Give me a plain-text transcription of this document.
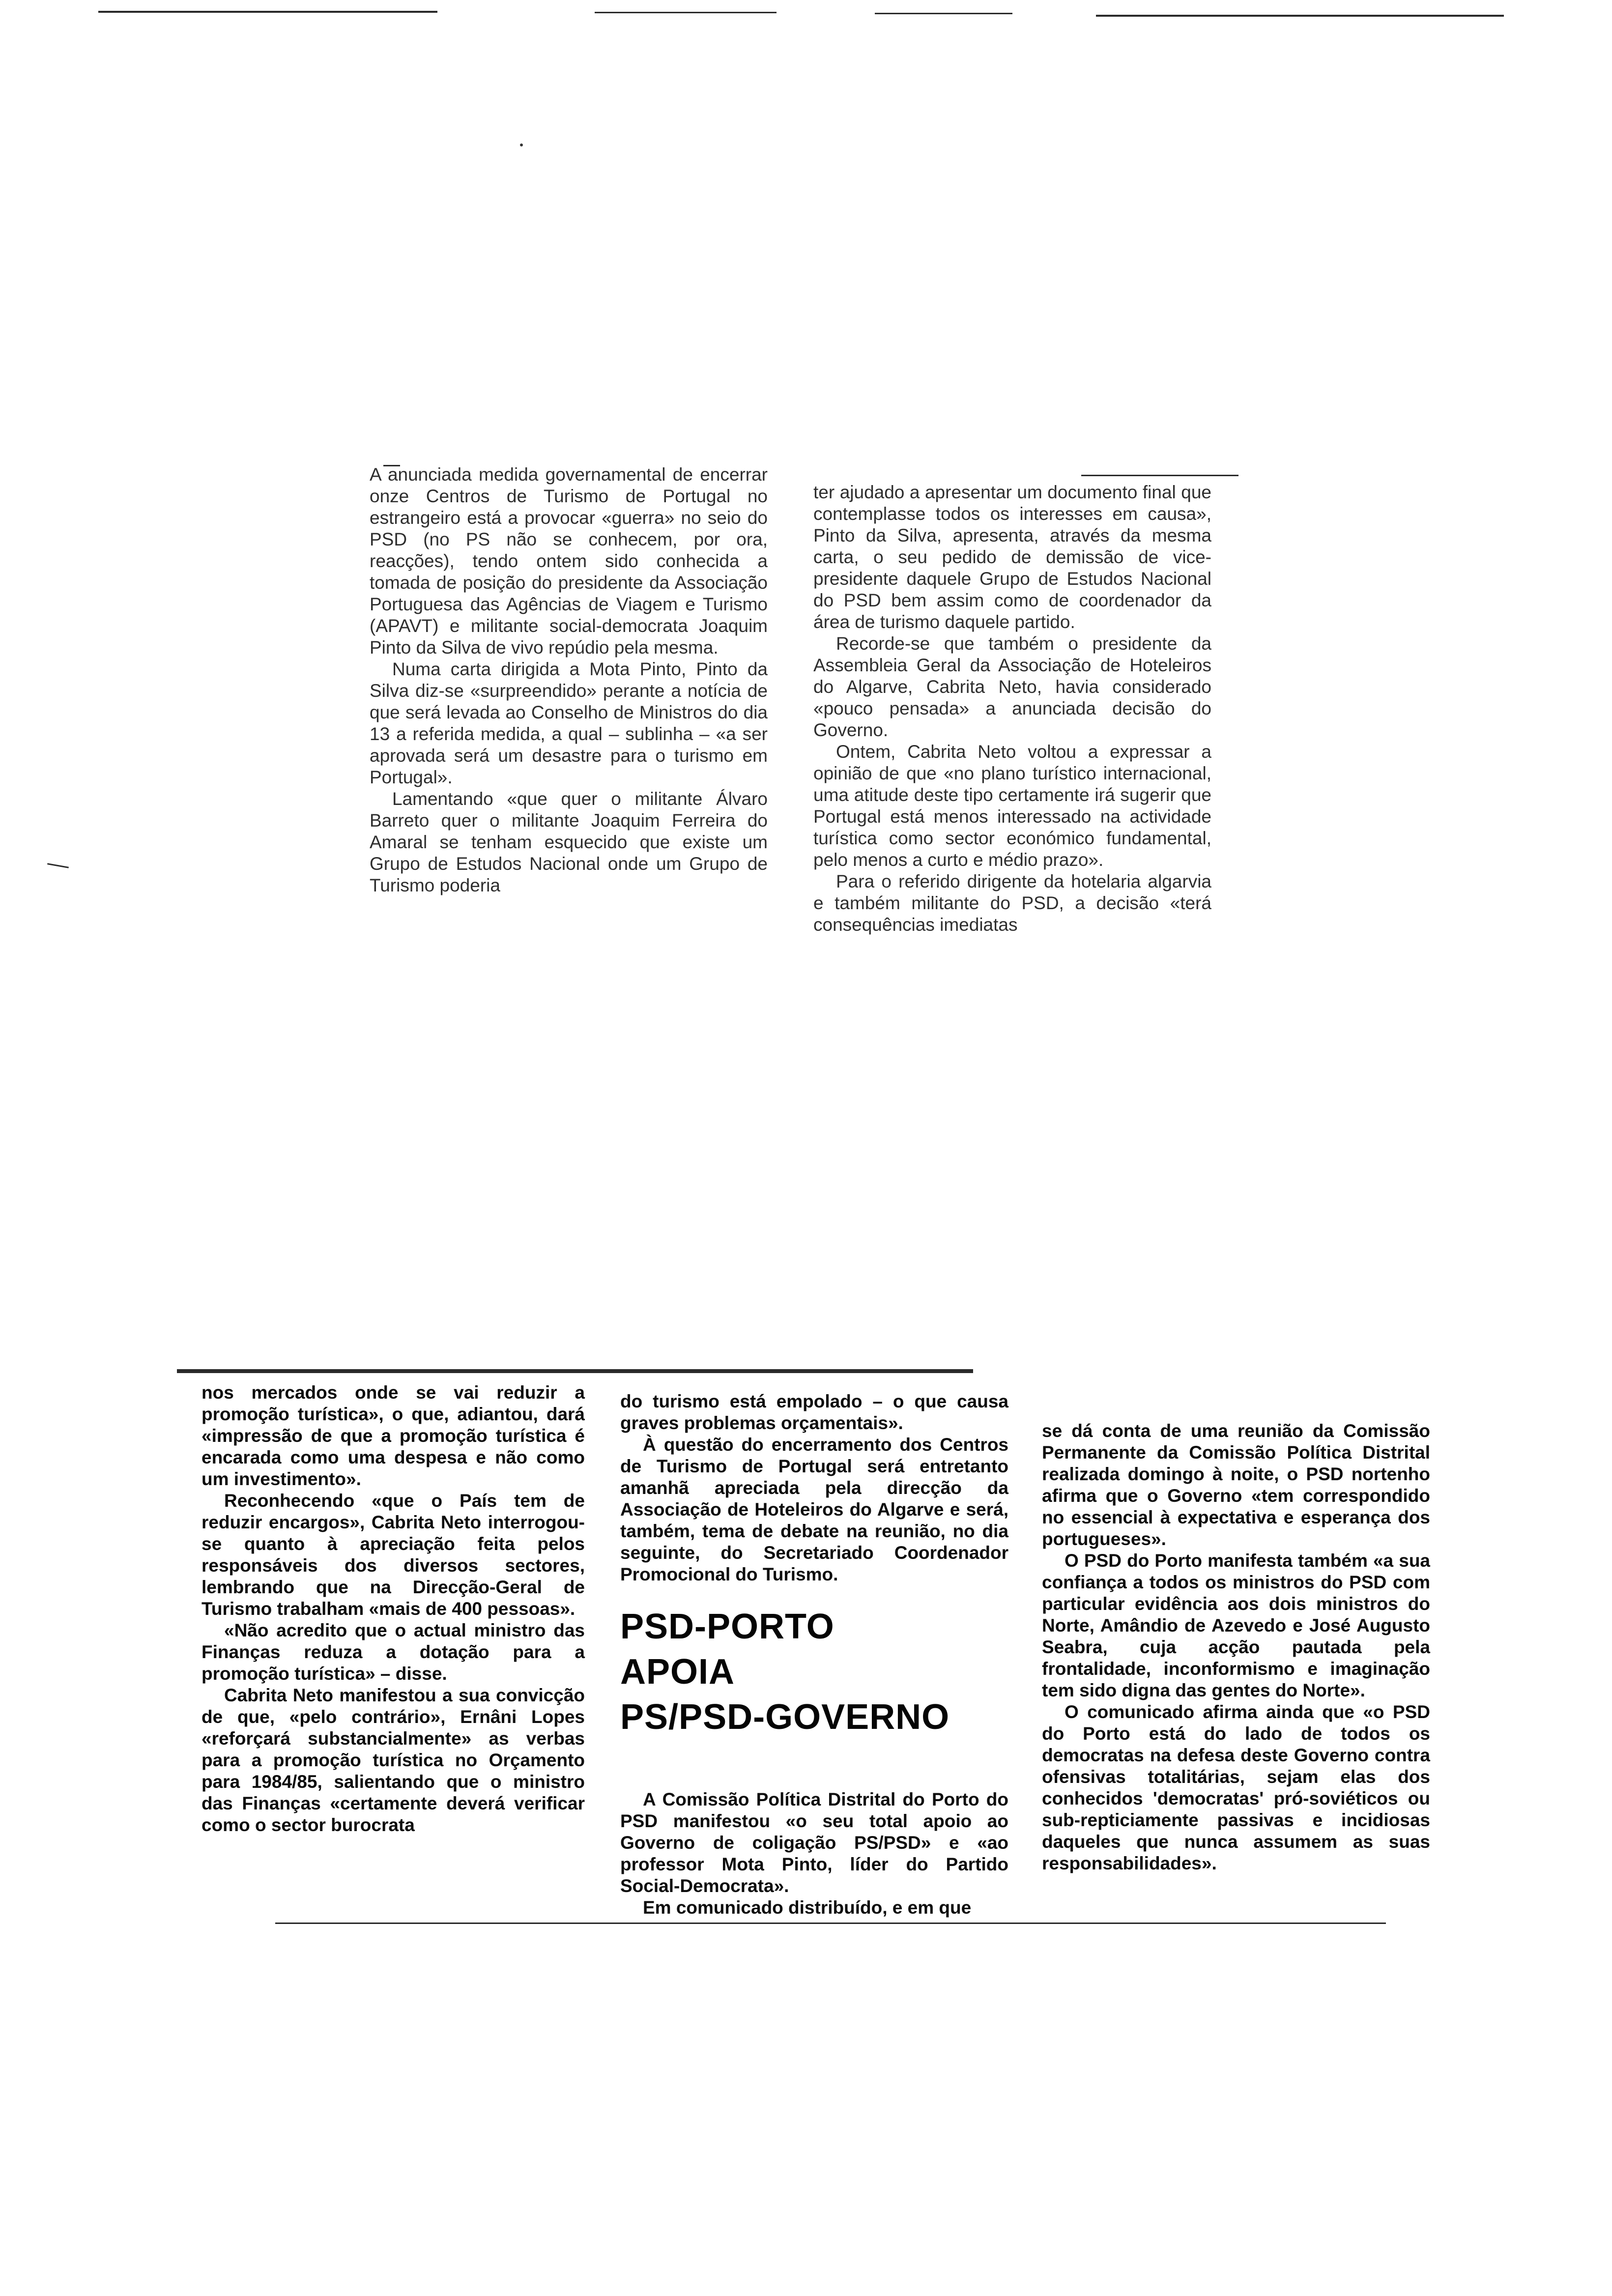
A anunciada medida governamental de encerrar onze Centros de Turismo de Portugal no estrangeiro está a provocar «guerra» no seio do PSD (no PS não se conhecem, por ora, reacções), tendo ontem sido conhecida a tomada de posição do presidente da Associação Portuguesa das Agências de Viagem e Turismo (APAVT) e militante social-democrata Joaquim Pinto da Silva de vivo repúdio pela mesma.

Numa carta dirigida a Mota Pinto, Pinto da Silva diz-se «surpreendido» perante a notícia de que será levada ao Conselho de Ministros do dia 13 a referida medida, a qual – sublinha – «a ser aprovada será um desastre para o turismo em Portugal».

Lamentando «que quer o militante Álvaro Barreto quer o militante Joaquim Ferreira do Amaral se tenham esquecido que existe um Grupo de Estudos Nacional onde um Grupo de Turismo poderia

ter ajudado a apresentar um documento final que contemplasse todos os interesses em causa», Pinto da Silva, apresenta, através da mesma carta, o seu pedido de demissão de vice-presidente daquele Grupo de Estudos Nacional do PSD bem assim como de coordenador da área de turismo daquele partido.

Recorde-se que também o presidente da Assembleia Geral da Associação de Hoteleiros do Algarve, Cabrita Neto, havia considerado «pouco pensada» a anunciada decisão do Governo.

Ontem, Cabrita Neto voltou a expressar a opinião de que «no plano turístico internacional, uma atitude deste tipo certamente irá sugerir que Portugal está menos interessado na actividade turística como sector económico fundamental, pelo menos a curto e médio prazo».

Para o referido dirigente da hotelaria algarvia e também militante do PSD, a decisão «terá consequências imediatas

nos mercados onde se vai reduzir a promoção turística», o que, adiantou, dará «impressão de que a promoção turística é encarada como uma despesa e não como um investimento».

Reconhecendo «que o País tem de reduzir encargos», Cabrita Neto interrogou-se quanto à apreciação feita pelos responsáveis dos diversos sectores, lembrando que na Direcção-Geral de Turismo trabalham «mais de 400 pessoas».

«Não acredito que o actual ministro das Finanças reduza a dotação para a promoção turística» – disse.

Cabrita Neto manifestou a sua convicção de que, «pelo contrário», Ernâni Lopes «reforçará substancialmente» as verbas para a promoção turística no Orçamento para 1984/85, salientando que o ministro das Finanças «certamente deverá verificar como o sector burocrata

do turismo está empolado – o que causa graves problemas orçamentais».

À questão do encerramento dos Centros de Turismo de Portugal será entretanto amanhã apreciada pela direcção da Associação de Hoteleiros do Algarve e será, também, tema de debate na reunião, no dia seguinte, do Secretariado Coordenador Promocional do Turismo.

PSD-PORTO
APOIA
PS/PSD-GOVERNO

A Comissão Política Distrital do Porto do PSD manifestou «o seu total apoio ao Governo de coligação PS/PSD» e «ao professor Mota Pinto, líder do Partido Social-Democrata».

Em comunicado distribuído, e em que

se dá conta de uma reunião da Comissão Permanente da Comissão Política Distrital realizada domingo à noite, o PSD nortenho afirma que o Governo «tem correspondido no essencial à expectativa e esperança dos portugueses».

O PSD do Porto manifesta também «a sua confiança a todos os ministros do PSD com particular evidência aos dois ministros do Norte, Amândio de Azevedo e José Augusto Seabra, cuja acção pautada pela frontalidade, inconformismo e imaginação tem sido digna das gentes do Norte».

O comunicado afirma ainda que «o PSD do Porto está do lado de todos os democratas na defesa deste Governo contra ofensivas totalitárias, sejam elas dos conhecidos 'democratas' pró-soviéticos ou sub-repticiamente passivas e incidiosas daqueles que nunca assumem as suas responsabilidades».
